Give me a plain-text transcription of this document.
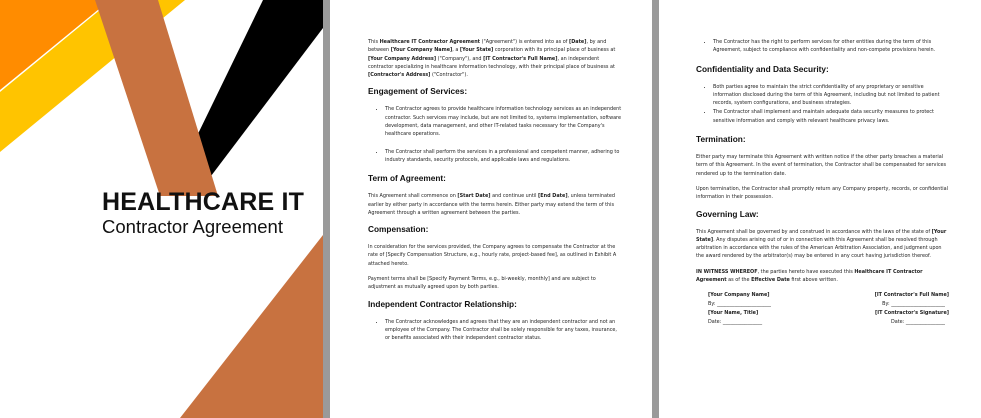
HEALTHCARE IT
Contractor Agreement

This Healthcare IT Contractor Agreement ("Agreement") is entered into as of [Date], by and between [Your Company Name], a [Your State] corporation with its principal place of business at [Your Company Address] ("Company"), and [IT Contractor's Full Name], an independent contractor specializing in healthcare information technology, with their principal place of business at [Contractor's Address] ("Contractor").

Engagement of Services:
• The Contractor agrees to provide healthcare information technology services as an independent contractor. Such services may include, but are not limited to, systems implementation, software development, data management, and other IT-related tasks necessary for the Company's healthcare operations.
• The Contractor shall perform the services in a professional and competent manner, adhering to industry standards, security protocols, and applicable laws and regulations.
Term of Agreement:

This Agreement shall commence on [Start Date] and continue until [End Date], unless terminated earlier by either party in accordance with the terms herein. Either party may extend the term of this Agreement through a written agreement between the parties.

Compensation:

In consideration for the services provided, the Company agrees to compensate the Contractor at the rate of [Specify Compensation Structure, e.g., hourly rate, project-based fee], as outlined in Exhibit A attached hereto.

Payment terms shall be [Specify Payment Terms, e.g., bi-weekly, monthly] and are subject to adjustment as mutually agreed upon by both parties.

Independent Contractor Relationship:
• The Contractor acknowledges and agrees that they are an independent contractor and not an employee of the Company. The Contractor shall be solely responsible for any taxes, insurance, or benefits associated with their independent contractor status.
• The Contractor has the right to perform services for other entities during the term of this Agreement, subject to compliance with confidentiality and non-compete provisions herein.
Confidentiality and Data Security:
• Both parties agree to maintain the strict confidentiality of any proprietary or sensitive information disclosed during the term of this Agreement, including but not limited to patient records, system configurations, and business strategies.
• The Contractor shall implement and maintain adequate data security measures to protect sensitive information and comply with relevant healthcare privacy laws.
Termination:

Either party may terminate this Agreement with written notice if the other party breaches a material term of this Agreement. In the event of termination, the Contractor shall be compensated for services rendered up to the termination date.

Upon termination, the Contractor shall promptly return any Company property, records, or confidential information in their possession.

Governing Law:

This Agreement shall be governed by and construed in accordance with the laws of the state of [Your State]. Any disputes arising out of or in connection with this Agreement shall be resolved through arbitration in accordance with the rules of the American Arbitration Association, and judgment upon the award rendered by the arbitrator(s) may be entered in any court having jurisdiction thereof.

IN WITNESS WHEREOF, the parties hereto have executed this Healthcare IT Contractor Agreement as of the Effective Date first above written.

[Your Company Name]	[IT Contractor's Full Name]
By: ______________________	By: ______________________
[Your Name, Title]	[IT Contractor's Signature]
Date: ________________	Date: ________________
